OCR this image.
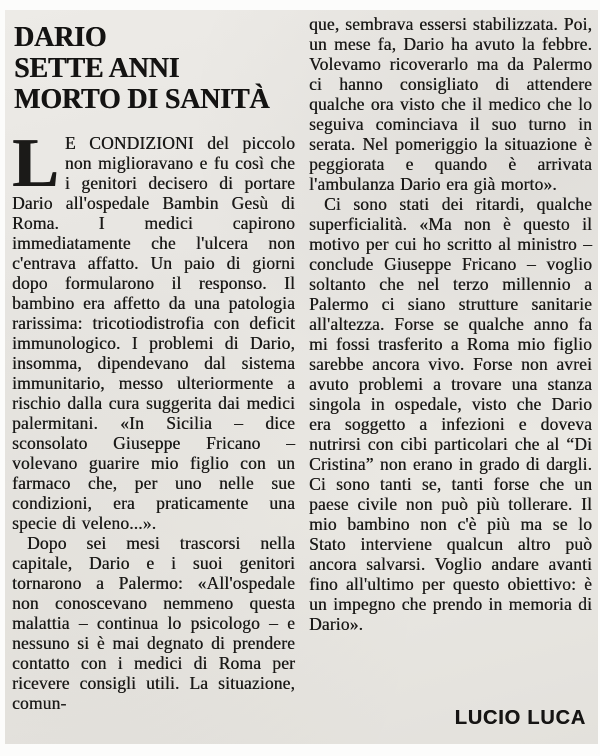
DARIO
SETTE ANNI
MORTO DI SANITÀ

L E CONDIZIONI del piccolo non miglioravano e fu così che i genitori decisero di portare Dario all'ospedale Bambin Gesù di Roma. I medici capirono immediatamente che l'ulcera non c'entrava affatto. Un paio di giorni dopo formularono il responso. Il bambino era affetto da una patologia rarissima: tricotiodistrofia con deficit immunologico. I problemi di Dario, insomma, dipendevano dal sistema immunitario, messo ulteriormente a rischio dalla cura suggerita dai medici palermitani. «In Sicilia – dice sconsolato Giuseppe Fricano – volevano guarire mio figlio con un farmaco che, per uno nelle sue condizioni, era praticamente una specie di veleno...».

Dopo sei mesi trascorsi nella capitale, Dario e i suoi genitori tornarono a Palermo: «All'ospedale non conoscevano nemmeno questa malattia – continua lo psicologo – e nessuno si è mai degnato di prendere contatto con i medici di Roma per ricevere consigli utili. La situazione, comun-

que, sembrava essersi stabilizzata. Poi, un mese fa, Dario ha avuto la febbre. Volevamo ricoverarlo ma da Palermo ci hanno consigliato di attendere qualche ora visto che il medico che lo seguiva cominciava il suo turno in serata. Nel pomeriggio la situazione è peggiorata e quando è arrivata l'ambulanza Dario era già morto».

Ci sono stati dei ritardi, qualche superficialità. «Ma non è questo il motivo per cui ho scritto al ministro – conclude Giuseppe Fricano – voglio soltanto che nel terzo millennio a Palermo ci siano strutture sanitarie all'altezza. Forse se qualche anno fa mi fossi trasferito a Roma mio figlio sarebbe ancora vivo. Forse non avrei avuto problemi a trovare una stanza singola in ospedale, visto che Dario era soggetto a infezioni e doveva nutrirsi con cibi particolari che al “Di Cristina” non erano in grado di dargli. Ci sono tanti se, tanti forse che un paese civile non può più tollerare. Il mio bambino non c'è più ma se lo Stato interviene qualcun altro può ancora salvarsi. Voglio andare avanti fino all'ultimo per questo obiettivo: è un impegno che prendo in memoria di Dario».

LUCIO LUCA
